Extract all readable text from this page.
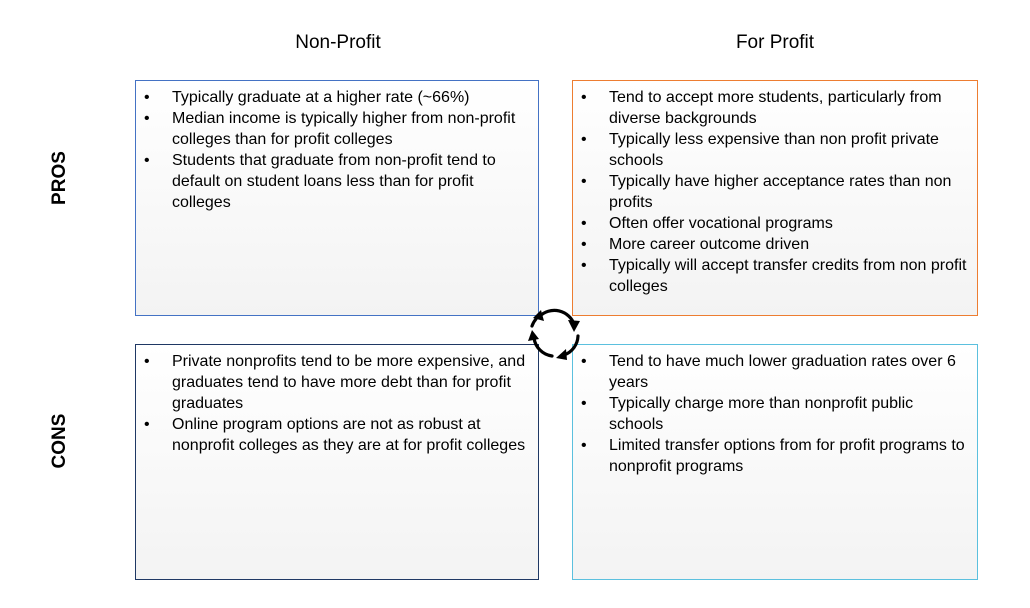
Non-Profit	For Profit
PROS
CONS
• Typically graduate at a higher rate (~66%)
• Median income is typically higher from non-profit colleges than for profit colleges
• Students that graduate from non-profit tend to default on student loans less than for profit colleges
• Tend to accept more students, particularly from diverse backgrounds
• Typically less expensive than non profit private schools
• Typically have higher acceptance rates than non profits
• Often offer vocational programs
• More career outcome driven
• Typically will accept transfer credits from non profit colleges
• Private nonprofits tend to be more expensive, and graduates tend to have more debt than for profit graduates
• Online program options are not as robust at nonprofit colleges as they are at for profit colleges
• Tend to have much lower graduation rates over 6 years
• Typically charge more than nonprofit public schools
• Limited transfer options from for profit programs to nonprofit programs
